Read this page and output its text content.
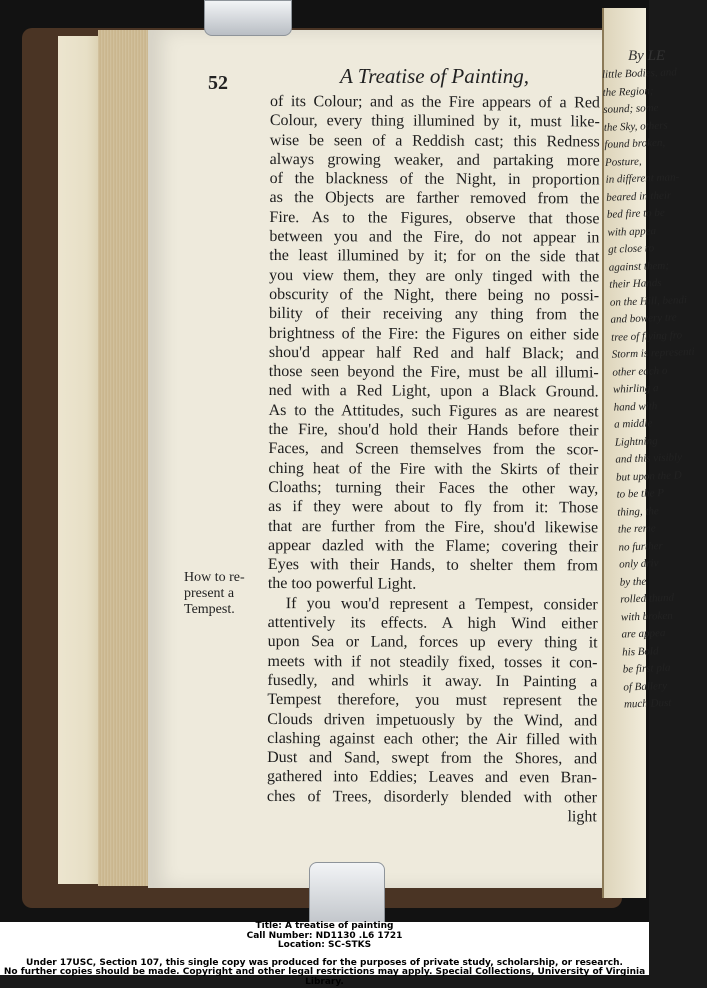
By LE
little Bodies, and
the Region;
sound; some
the Sky, others
found broken,
Posture,
in different man-
beared in their
bed fire to be
with appea
gt close ro
against them;
their Hands
on the Hill, bendi
and bowery tre
tree of flying fro
Storm is representi
other each o
whirling a
hand with
a middle
Lightning
and this visibly
but upon the D
to be the P
thing, the
the reme
no further
only driv
by the
rolled thund
with broken
are appea
his Bold
be first pla
of Ballery
much Dust
52	A Treatise of Painting,
How to re-
present a
Tempest.
of its Colour; and as the Fire appears of a Red
Colour, every thing illumined by it, must like-
wise be seen of a Reddish cast; this Redness
always growing weaker, and partaking more
of the blackness of the Night, in proportion
as the Objects are farther removed from the
Fire. As to the Figures, observe that those
between you and the Fire, do not appear in
the least illumined by it; for on the side that
you view them, they are only tinged with the
obscurity of the Night, there being no possi-
bility of their receiving any thing from the
brightness of the Fire: the Figures on either side
shou'd appear half Red and half Black; and
those seen beyond the Fire, must be all illumi-
ned with a Red Light, upon a Black Ground.
As to the Attitudes, such Figures as are nearest
the Fire, shou'd hold their Hands before their
Faces, and Screen themselves from the scor-
ching heat of the Fire with the Skirts of their
Cloaths; turning their Faces the other way,
as if they were about to fly from it: Those
that are further from the Fire, shou'd likewise
appear dazled with the Flame; covering their
Eyes with their Hands, to shelter them from
the too powerful Light.
If you wou'd represent a Tempest, consider
attentively its effects. A high Wind either
upon Sea or Land, forces up every thing it
meets with if not steadily fixed, tosses it con-
fusedly, and whirls it away. In Painting a
Tempest therefore, you must represent the
Clouds driven impetuously by the Wind, and
clashing against each other; the Air filled with
Dust and Sand, swept from the Shores, and
gathered into Eddies; Leaves and even Bran-
ches of Trees, disorderly blended with other
light
Title: A treatise of painting
Call Number: ND1130 .L6 1721
Location: SC-STKS
Under 17USC, Section 107, this single copy was produced for the purposes of private study, scholarship, or research.
No further copies should be made. Copyright and other legal restrictions may apply. Special Collections, University of Virginia Library.
